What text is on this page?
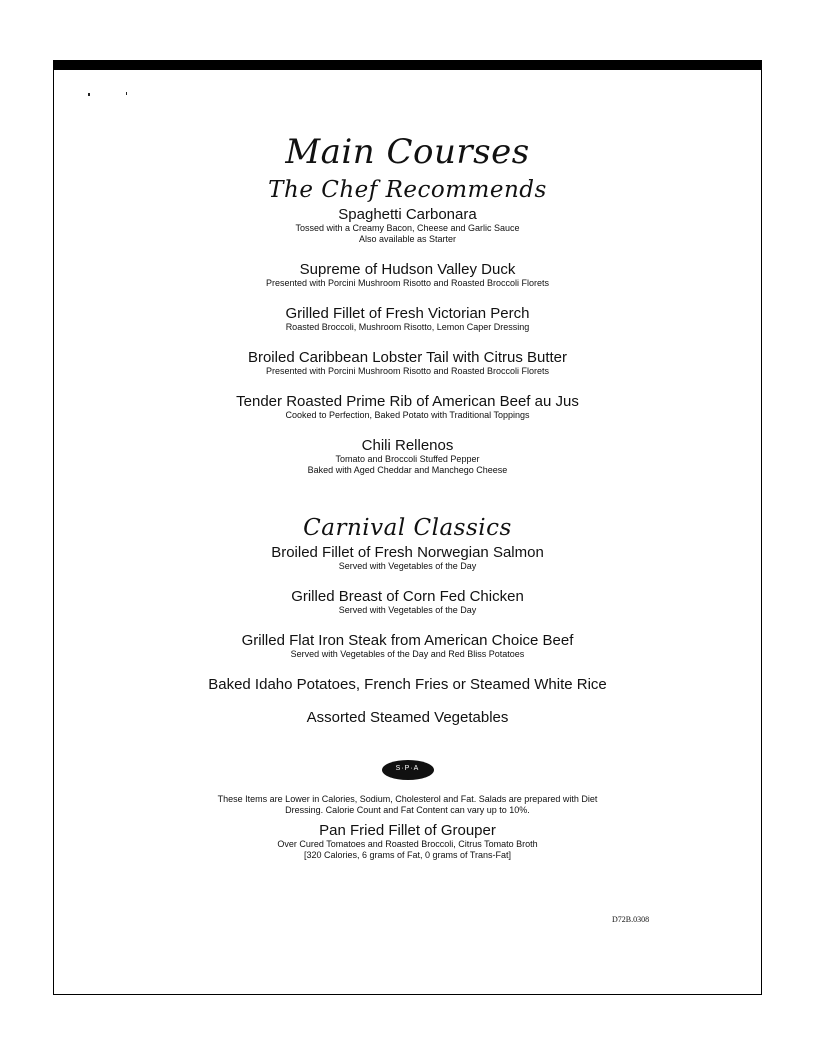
Main Courses
The Chef Recommends

Spaghetti Carbonara

Tossed with a Creamy Bacon, Cheese and Garlic Sauce

Also available as Starter

Supreme of Hudson Valley Duck

Presented with Porcini Mushroom Risotto and Roasted Broccoli Florets

Grilled Fillet of Fresh Victorian Perch

Roasted Broccoli, Mushroom Risotto, Lemon Caper Dressing

Broiled Caribbean Lobster Tail with Citrus Butter

Presented with Porcini Mushroom Risotto and Roasted Broccoli Florets

Tender Roasted Prime Rib of American Beef au Jus

Cooked to Perfection, Baked Potato with Traditional Toppings

Chili Rellenos

Tomato and Broccoli Stuffed Pepper

Baked with Aged Cheddar and Manchego Cheese

Carnival Classics

Broiled Fillet of Fresh Norwegian Salmon

Served with Vegetables of the Day

Grilled Breast of Corn Fed Chicken

Served with Vegetables of the Day

Grilled Flat Iron Steak from American Choice Beef

Served with Vegetables of the Day and Red Bliss Potatoes

Baked Idaho Potatoes, French Fries or Steamed White Rice

Assorted Steamed Vegetables

S·P·A

These Items are Lower in Calories, Sodium, Cholesterol and Fat. Salads are prepared with Diet Dressing. Calorie Count and Fat Content can vary up to 10%.

Pan Fried Fillet of Grouper

Over Cured Tomatoes and Roasted Broccoli, Citrus Tomato Broth

[320 Calories, 6 grams of Fat, 0 grams of Trans-Fat]

D72B.0308
